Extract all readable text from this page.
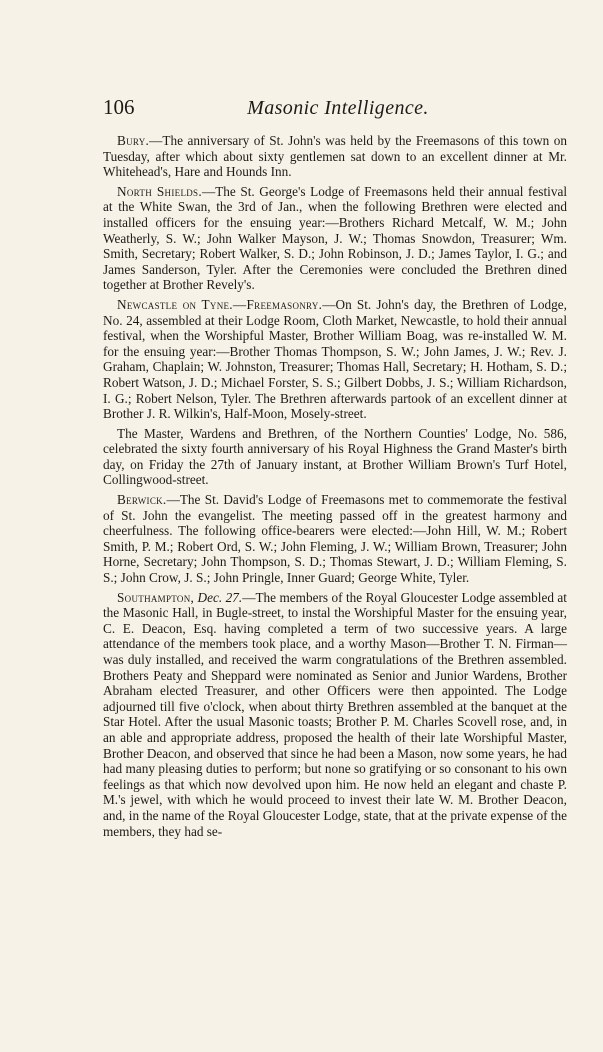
106	Masonic Intelligence.

Bury.—The anniversary of St. John's was held by the Freemasons of this town on Tuesday, after which about sixty gentlemen sat down to an excellent dinner at Mr. Whitehead's, Hare and Hounds Inn.

North Shields.—The St. George's Lodge of Freemasons held their annual festival at the White Swan, the 3rd of Jan., when the following Brethren were elected and installed officers for the ensuing year:—Brothers Richard Metcalf, W. M.; John Weatherly, S. W.; John Walker Mayson, J. W.; Thomas Snowdon, Treasurer; Wm. Smith, Secretary; Robert Walker, S. D.; John Robinson, J. D.; James Taylor, I. G.; and James Sanderson, Tyler. After the Ceremonies were concluded the Brethren dined together at Brother Revely's.

Newcastle on Tyne.—Freemasonry.—On St. John's day, the Brethren of Lodge, No. 24, assembled at their Lodge Room, Cloth Market, Newcastle, to hold their annual festival, when the Worshipful Master, Brother William Boag, was re-installed W. M. for the ensuing year:—Brother Thomas Thompson, S. W.; John James, J. W.; Rev. J. Graham, Chaplain; W. Johnston, Treasurer; Thomas Hall, Secretary; H. Hotham, S. D.; Robert Watson, J. D.; Michael Forster, S. S.; Gilbert Dobbs, J. S.; William Richardson, I. G.; Robert Nelson, Tyler. The Brethren afterwards partook of an excellent dinner at Brother J. R. Wilkin's, Half-Moon, Mosely-street.

The Master, Wardens and Brethren, of the Northern Counties' Lodge, No. 586, celebrated the sixty fourth anniversary of his Royal Highness the Grand Master's birth day, on Friday the 27th of January instant, at Brother William Brown's Turf Hotel, Collingwood-street.

Berwick.—The St. David's Lodge of Freemasons met to commemorate the festival of St. John the evangelist. The meeting passed off in the greatest harmony and cheerfulness. The following office-bearers were elected:—John Hill, W. M.; Robert Smith, P. M.; Robert Ord, S. W.; John Fleming, J. W.; William Brown, Treasurer; John Horne, Secretary; John Thompson, S. D.; Thomas Stewart, J. D.; William Fleming, S. S.; John Crow, J. S.; John Pringle, Inner Guard; George White, Tyler.

Southampton, Dec. 27.—The members of the Royal Gloucester Lodge assembled at the Masonic Hall, in Bugle-street, to instal the Worshipful Master for the ensuing year, C. E. Deacon, Esq. having completed a term of two successive years. A large attendance of the members took place, and a worthy Mason—Brother T. N. Firman—was duly installed, and received the warm congratulations of the Brethren assembled. Brothers Peaty and Sheppard were nominated as Senior and Junior Wardens, Brother Abraham elected Treasurer, and other Officers were then appointed. The Lodge adjourned till five o'clock, when about thirty Brethren assembled at the banquet at the Star Hotel. After the usual Masonic toasts; Brother P. M. Charles Scovell rose, and, in an able and appropriate address, proposed the health of their late Worshipful Master, Brother Deacon, and observed that since he had been a Mason, now some years, he had had many pleasing duties to perform; but none so gratifying or so consonant to his own feelings as that which now devolved upon him. He now held an elegant and chaste P. M.'s jewel, with which he would proceed to invest their late W. M. Brother Deacon, and, in the name of the Royal Gloucester Lodge, state, that at the private expense of the members, they had se-
